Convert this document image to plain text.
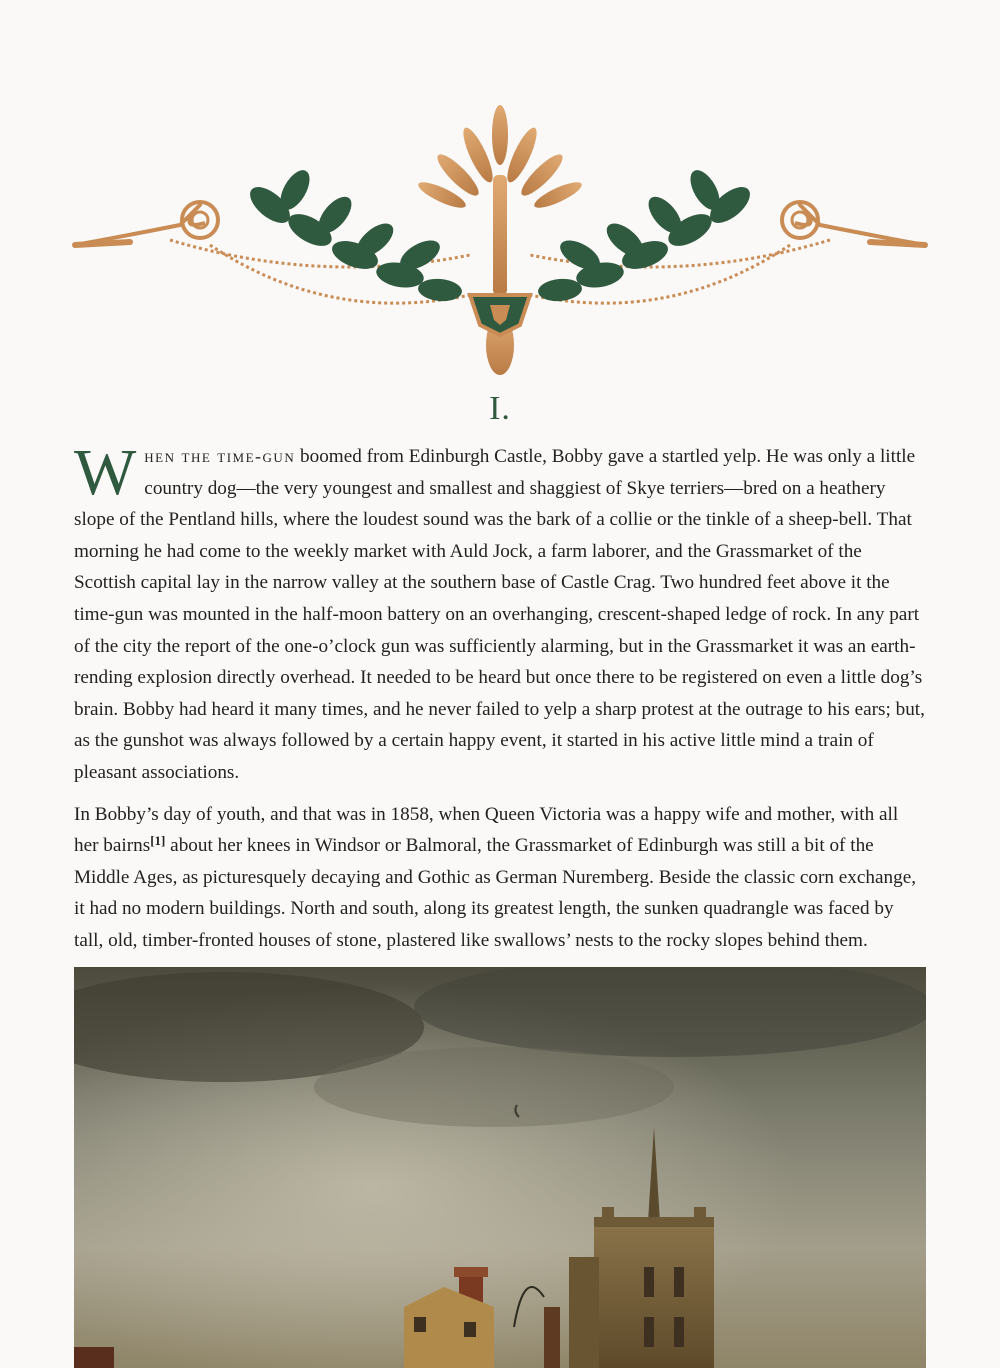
I.

W hen the time-gun boomed from Edinburgh Castle, Bobby gave a startled yelp. He was only a little country dog—the very youngest and smallest and shaggiest of Skye terriers—bred on a heathery slope of the Pentland hills, where the loudest sound was the bark of a collie or the tinkle of a sheep-bell. That morning he had come to the weekly market with Auld Jock, a farm laborer, and the Grassmarket of the Scottish capital lay in the narrow valley at the southern base of Castle Crag. Two hundred feet above it the time-gun was mounted in the half-moon battery on an overhanging, crescent-shaped ledge of rock. In any part of the city the report of the one-o’clock gun was sufficiently alarming, but in the Grassmarket it was an earth-rending explosion directly overhead. It needed to be heard but once there to be registered on even a little dog’s brain. Bobby had heard it many times, and he never failed to yelp a sharp protest at the outrage to his ears; but, as the gunshot was always followed by a certain happy event, it started in his active little mind a train of pleasant associations.

In Bobby’s day of youth, and that was in 1858, when Queen Victoria was a happy wife and mother, with all her bairns[1] about her knees in Windsor or Balmoral, the Grassmarket of Edinburgh was still a bit of the Middle Ages, as picturesquely decaying and Gothic as German Nuremberg. Beside the classic corn exchange, it had no modern buildings. North and south, along its greatest length, the sunken quadrangle was faced by tall, old, timber-fronted houses of stone, plastered like swallows’ nests to the rocky slopes behind them.
